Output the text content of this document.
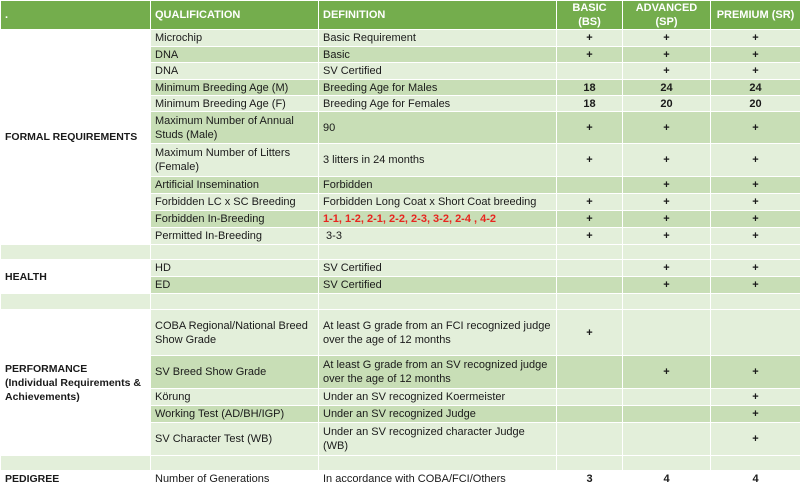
.	QUALIFICATION	DEFINITION	BASIC (BS)	ADVANCED (SP)	PREMIUM (SR)
FORMAL REQUIREMENTS	Microchip	Basic Requirement	+	+	+
	DNA	Basic	+	+	+
	DNA	SV Certified		+	+
	Minimum Breeding Age (M)	Breeding Age for Males	18	24	24
	Minimum Breeding Age (F)	Breeding Age for Females	18	20	20
	Maximum Number of Annual
Studs (Male)	90	+	+	+
	Maximum Number of Litters
(Female)	3 litters in 24 months	+	+	+
	Artificial Insemination	Forbidden		+	+
	Forbidden LC x SC Breeding	Forbidden Long Coat x Short Coat breeding	+	+	+
	Forbidden In-Breeding	1-1, 1-2, 2-1, 2-2, 2-3, 3-2, 2-4 , 4-2	+	+	+
	Permitted In-Breeding	3-3	+	+	+

HEALTH	HD	SV Certified		+	+
	ED	SV Certified		+	+

PERFORMANCE
(Individual Requirements &
Achievements)	COBA Regional/National Breed
Show Grade	At least G grade from an FCI recognized judge
over the age of 12 months	+		
	SV Breed Show Grade	At least G grade from an SV recognized judge
over the age of 12 months		+	+
	Körung	Under an SV recognized Koermeister			+
	Working Test (AD/BH/IGP)	Under an SV recognized Judge			+
	SV Character Test (WB)	Under an SV recognized character Judge (WB)			+

PEDIGREE	Number of Generations	In accordance with COBA/FCI/Others	3	4	4
